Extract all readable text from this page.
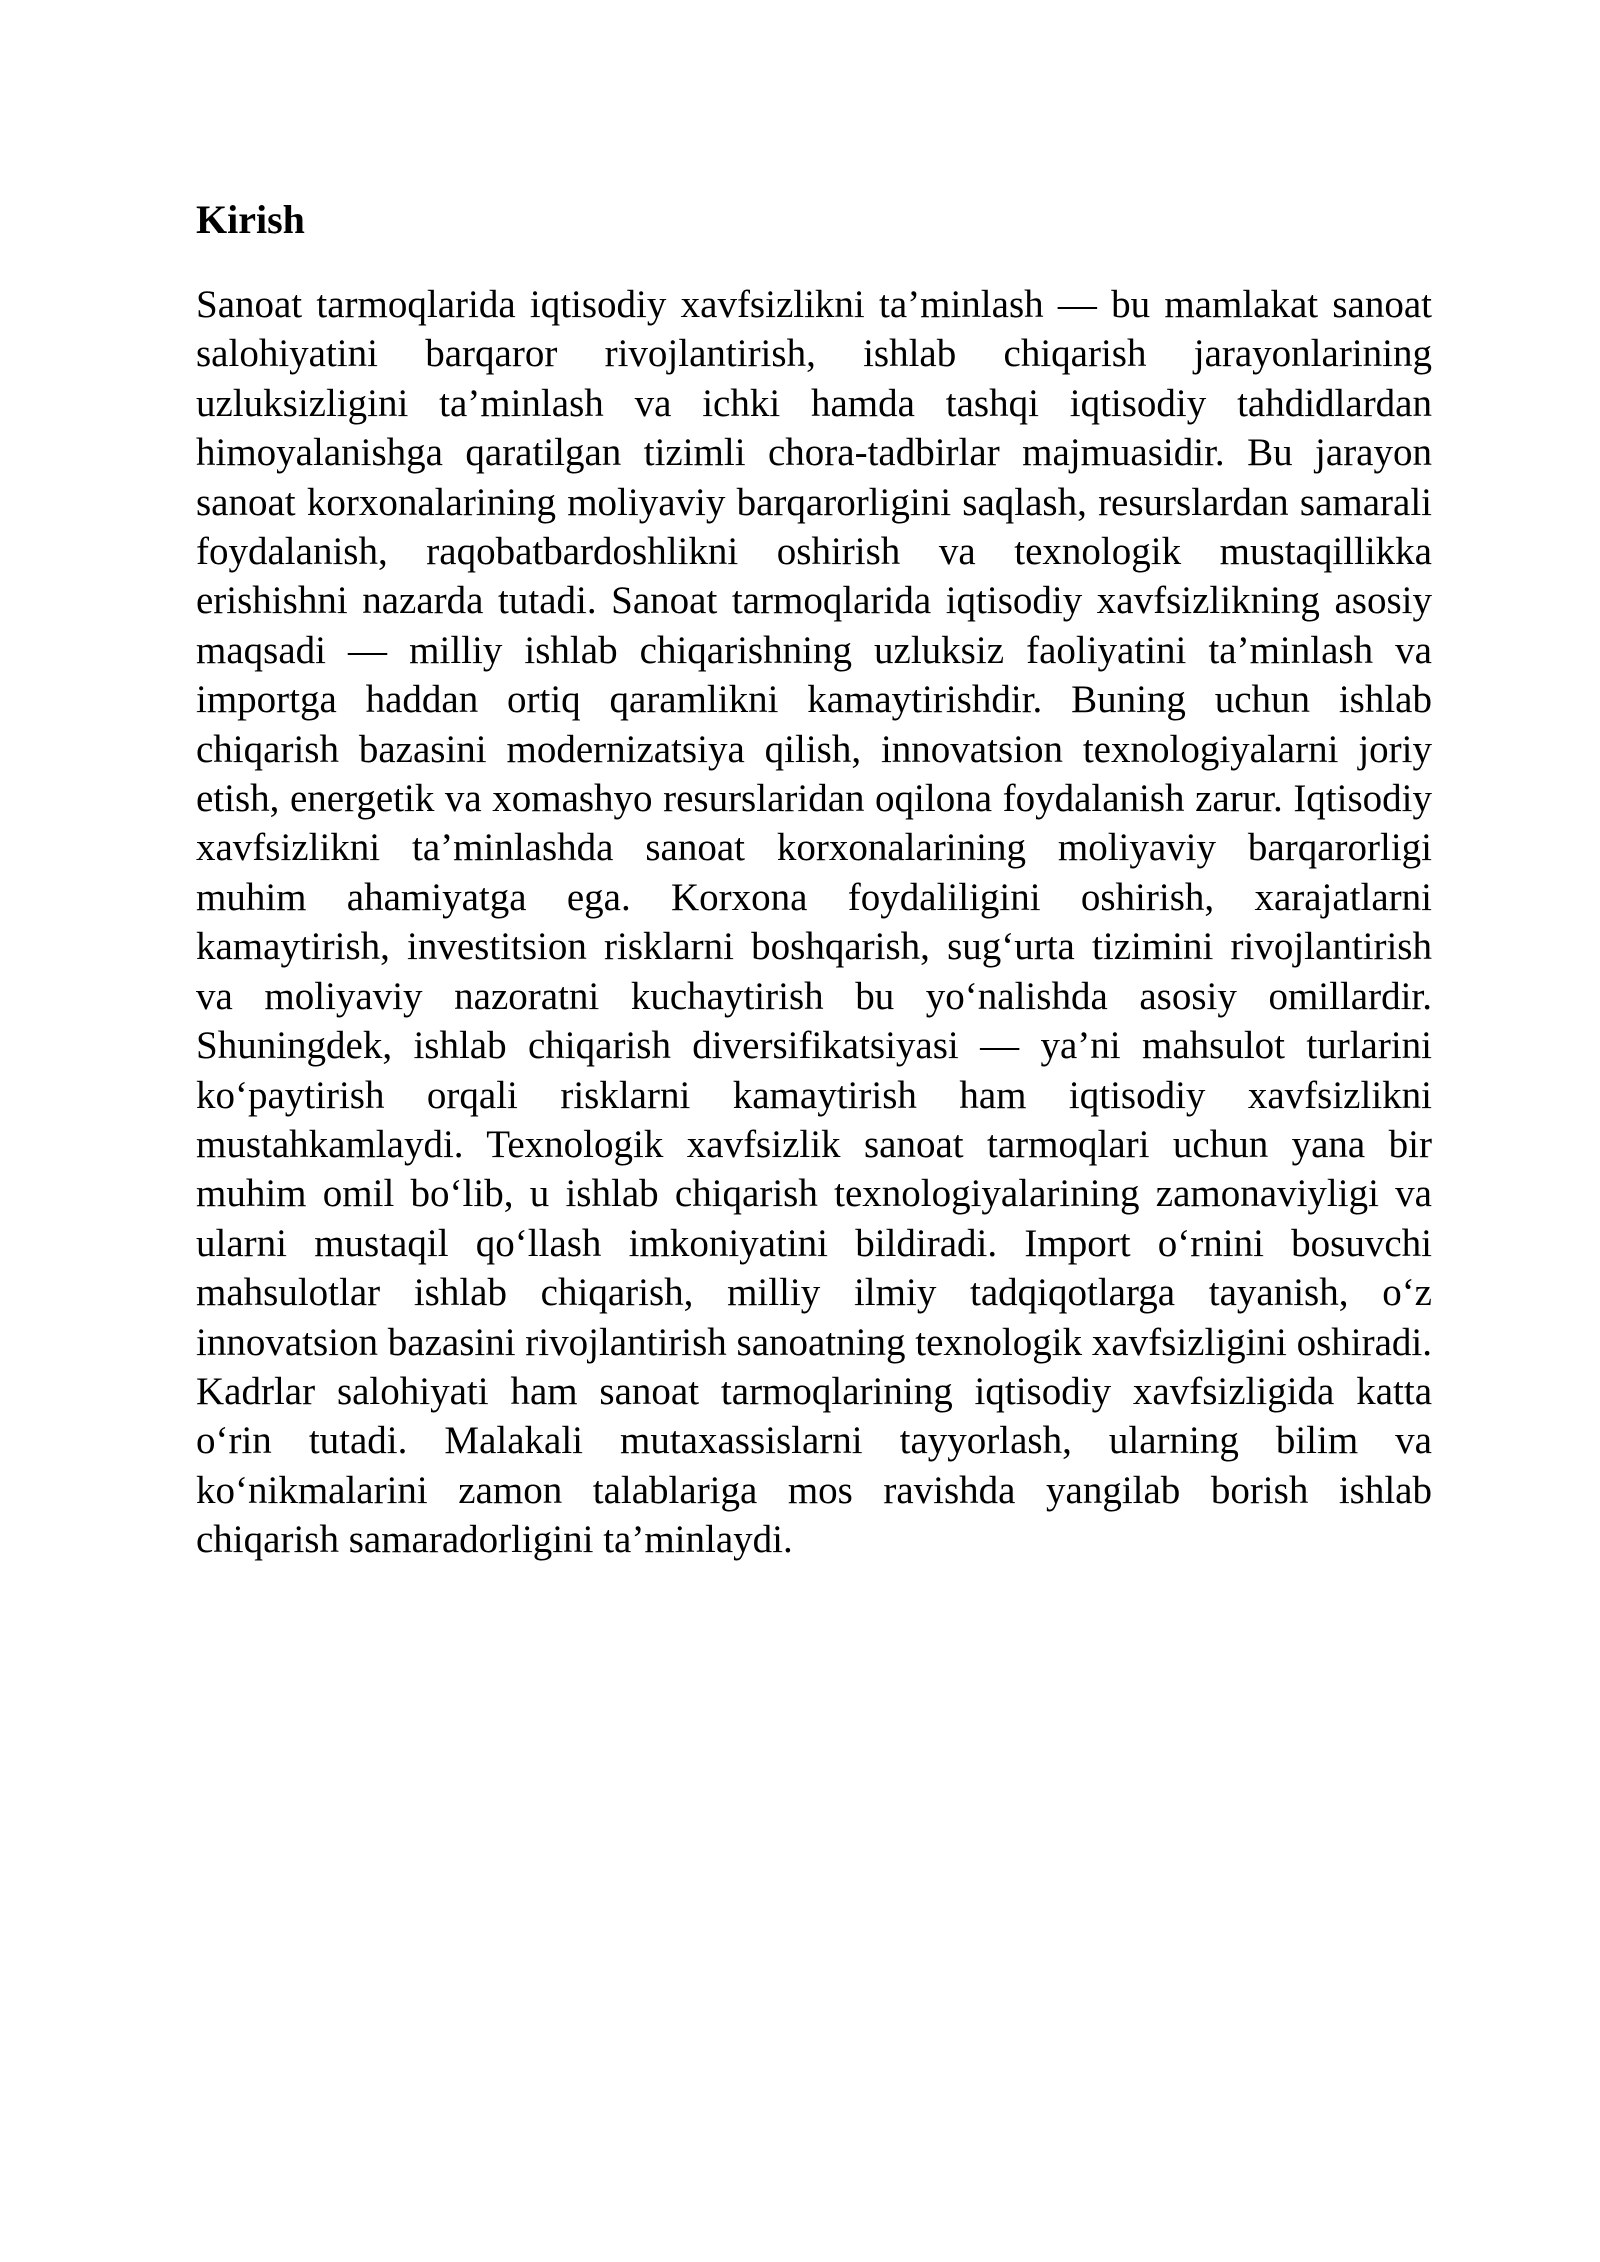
Kirish

Sanoat tarmoqlarida iqtisodiy xavfsizlikni ta’minlash — bu mamlakat sanoat salohiyatini barqaror rivojlantirish, ishlab chiqarish jarayonlarining uzluksizligini ta’minlash va ichki hamda tashqi iqtisodiy tahdidlardan himoyalanishga qaratilgan tizimli chora-tadbirlar majmuasidir. Bu jarayon sanoat korxonalarining moliyaviy barqarorligini saqlash, resurslardan samarali foydalanish, raqobatbardoshlikni oshirish va texnologik mustaqillikka erishishni nazarda tutadi. Sanoat tarmoqlarida iqtisodiy xavfsizlikning asosiy maqsadi — milliy ishlab chiqarishning uzluksiz faoliyatini ta’minlash va importga haddan ortiq qaramlikni kamaytirishdir. Buning uchun ishlab chiqarish bazasini modernizatsiya qilish, innovatsion texnologiyalarni joriy etish, energetik va xomashyo resurslaridan oqilona foydalanish zarur. Iqtisodiy xavfsizlikni ta’minlashda sanoat korxonalarining moliyaviy barqarorligi muhim ahamiyatga ega. Korxona foydaliligini oshirish, xarajatlarni kamaytirish, investitsion risklarni boshqarish, sug‘urta tizimini rivojlantirish va moliyaviy nazoratni kuchaytirish bu yo‘nalishda asosiy omillardir. Shuningdek, ishlab chiqarish diversifikatsiyasi — ya’ni mahsulot turlarini ko‘paytirish orqali risklarni kamaytirish ham iqtisodiy xavfsizlikni mustahkamlaydi. Texnologik xavfsizlik sanoat tarmoqlari uchun yana bir muhim omil bo‘lib, u ishlab chiqarish texnologiyalarining zamonaviyligi va ularni mustaqil qo‘llash imkoniyatini bildiradi. Import o‘rnini bosuvchi mahsulotlar ishlab chiqarish, milliy ilmiy tadqiqotlarga tayanish, o‘z innovatsion bazasini rivojlantirish sanoatning texnologik xavfsizligini oshiradi. Kadrlar salohiyati ham sanoat tarmoqlarining iqtisodiy xavfsizligida katta o‘rin tutadi. Malakali mutaxassislarni tayyorlash, ularning bilim va ko‘nikmalarini zamon talablariga mos ravishda yangilab borish ishlab chiqarish samaradorligini ta’minlaydi.
